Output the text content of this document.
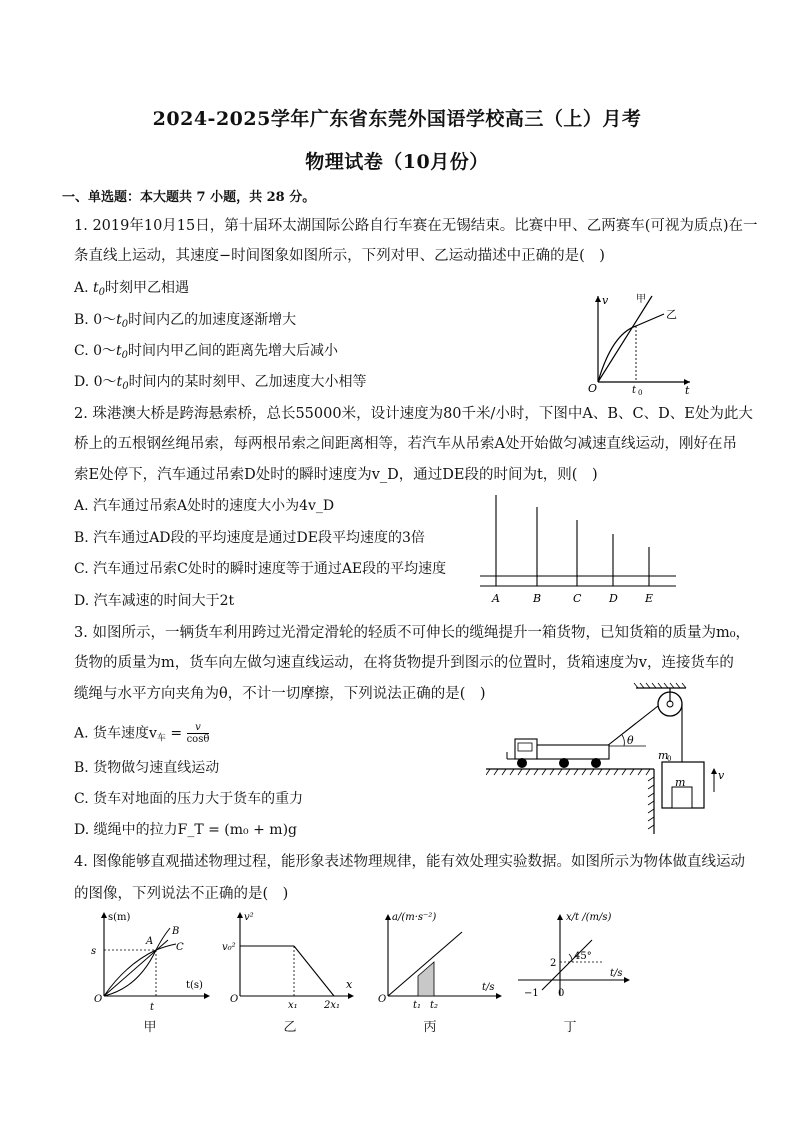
2024-2025学年广东省东莞外国语学校高三（上）月考
物理试卷（10月份）
一、单选题：本大题共 7 小题，共 28 分。
1. 2019年10月15日，第十届环太湖国际公路自行车赛在无锡结束。比赛中甲、乙两赛车(可视为质点)在一
条直线上运动，其速度−时间图象如图所示，下列对甲、乙运动描述中正确的是(　)
A. $t_0$时刻甲乙相遇
B. $0\sim t_0$时间内乙的加速度逐渐增大
C. $0\sim t_0$时间内甲乙间的距离先增大后减小
D. $0\sim t_0$时间内的某时刻甲、乙加速度大小相等
v
t
O
甲
乙
t 0
2. 珠港澳大桥是跨海悬索桥，总长55000米，设计速度为80千米/小时，下图中A、B、C、D、E处为此大
桥上的五根钢丝绳吊索，每两根吊索之间距离相等，若汽车从吊索A处开始做匀减速直线运动，刚好在吊
索E处停下，汽车通过吊索D处时的瞬时速度为v_D，通过DE段的时间为t，则(　)
A. 汽车通过吊索A处时的速度大小为4v_D
B. 汽车通过AD段的平均速度是通过DE段平均速度的3倍
C. 汽车通过吊索C处时的瞬时速度等于通过AE段的平均速度
D. 汽车减速的时间大于2t	A	B	C	D E
3. 如图所示，一辆货车利用跨过光滑定滑轮的轻质不可伸长的缆绳提升一箱货物，已知货箱的质量为m₀，
货物的质量为m，货车向左做匀速直线运动，在将货物提升到图示的位置时，货箱速度为v，连接货车的
缆绳与水平方向夹角为θ，不计一切摩擦，下列说法正确的是(　)
A. 货车速度$v_车 = \frac{v}{\cos\theta}$
B. 货物做匀速直线运动
C. 货车对地面的压力大于货车的重力
D. 缆绳中的拉力F_T = (m₀ + m)g
θ
m
0
m
v
4. 图像能够直观描述物理过程，能形象表述物理规律，能有效处理实验数据。如图所示为物体做直线运动
的图像，下列说法不正确的是(　)
s(m)
t(s)
O
s
t
A
B
C
甲
v²
x
O
v₀²
x₁	2x₁
乙
a/(m·s⁻²)
t/s
O
t₁ t₂
丙
x/t /(m/s)
t/s
45°
2
−1 0
丁
